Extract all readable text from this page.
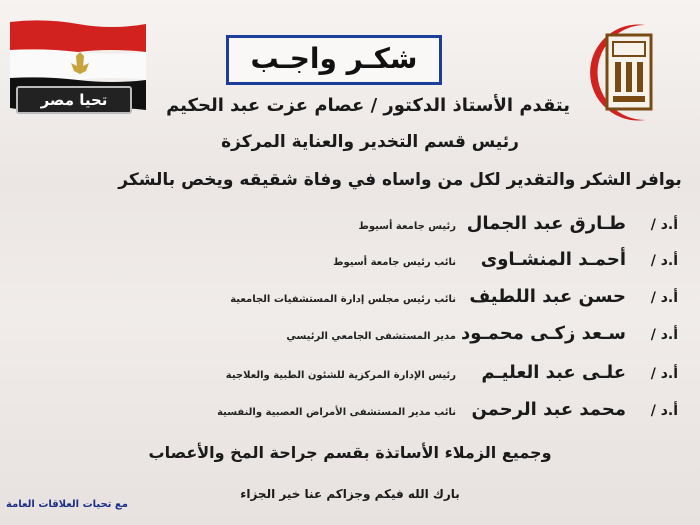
تحيا مصر
شكـر واجـب
يتقدم الأستاذ الدكتور / عصام عزت عبد الحكيم
رئيس قسم التخدير والعناية المركزة
بوافر الشكر والتقدير لكل من واساه في وفاة شقيقه ويخص بالشكر
أ.د /
طـارق عبد الجمال
رئيس جامعة أسيوط
أ.د /
أحمـد المنشـاوى
نائب رئيس جامعة أسيوط
أ.د /
حسن عبد اللطيف
نائب رئيس مجلس إدارة المستشفيات الجامعية
أ.د /
سـعد زكـى محمـود
مدير المستشفى الجامعي الرئيسي
أ.د /
علـى عبد العليـم
رئيس الإدارة المركزية للشئون الطبية والعلاجية
أ.د /
محمد عبد الرحمن
نائب مدير المستشفى الأمراض العصبية والنفسية
وجميع الزملاء الأساتذة بقسم جراحة المخ والأعصاب
بارك الله فيكم وجزاكم عنا خير الجزاء
مع تحيات العلاقات العامة
